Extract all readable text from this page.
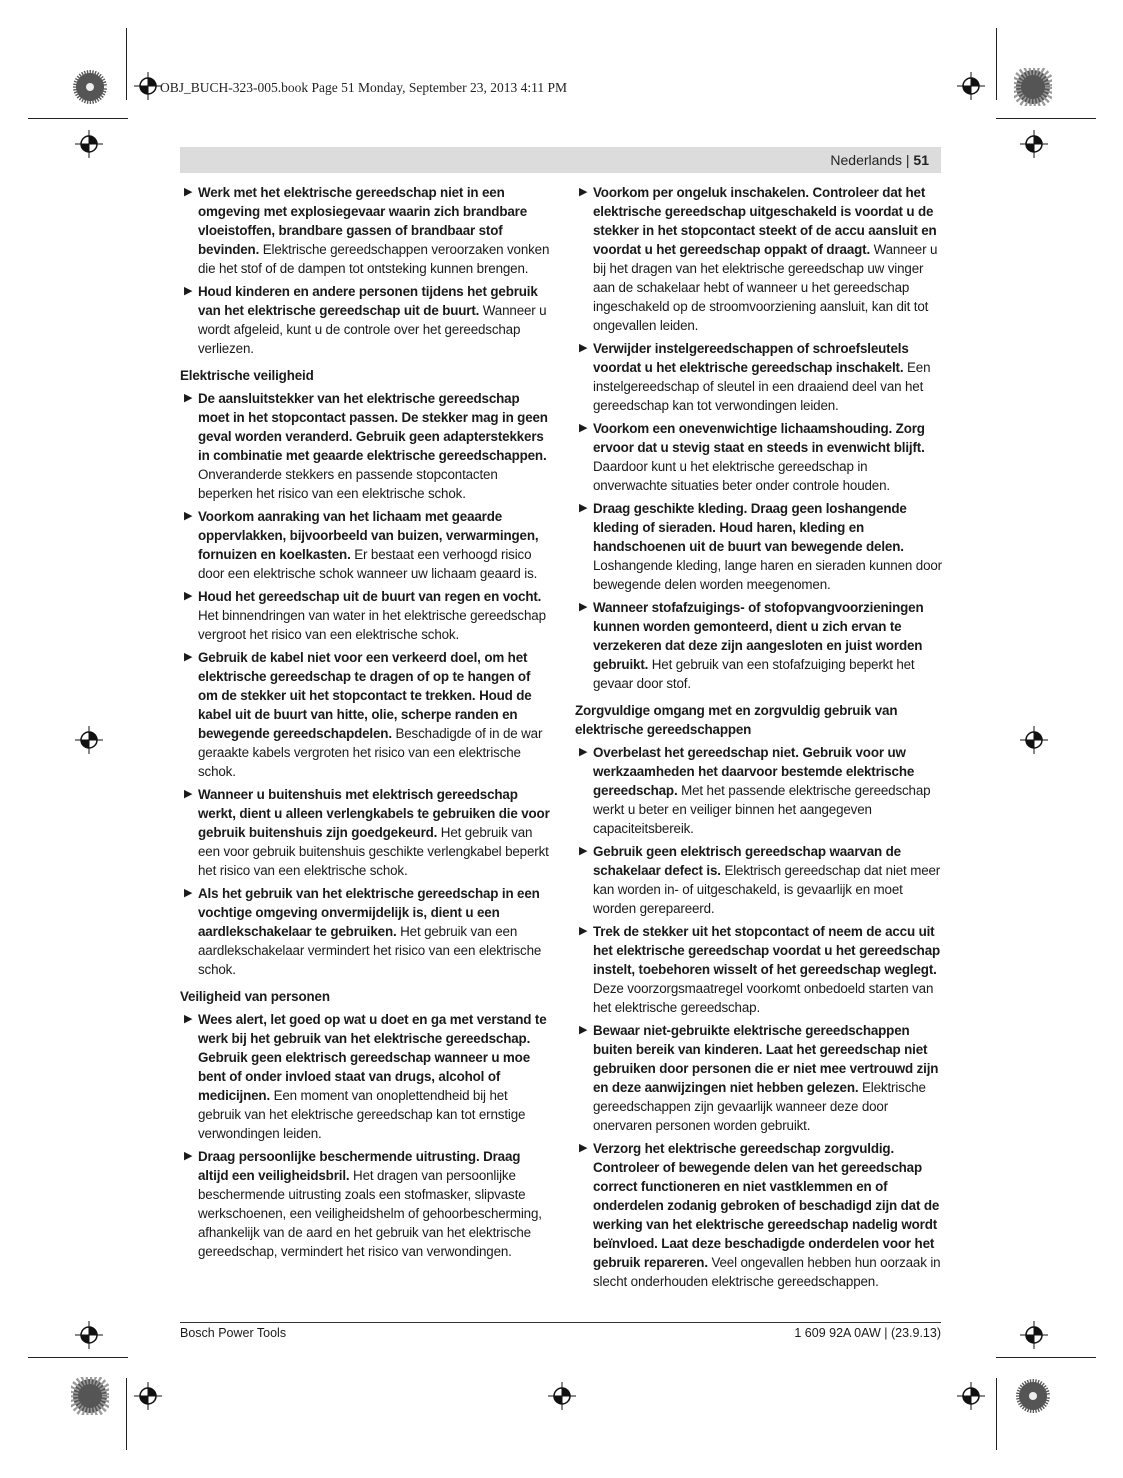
OBJ_BUCH-323-005.book Page 51 Monday, September 23, 2013 4:11 PM
Nederlands | 51
▶ Werk met het elektrische gereedschap niet in een omgeving met explosiegevaar waarin zich brandbare vloeistoffen, brandbare gassen of brandbaar stof bevinden. Elektrische gereedschappen veroorzaken vonken die het stof of de dampen tot ontsteking kunnen brengen.
▶ Houd kinderen en andere personen tijdens het gebruik van het elektrische gereedschap uit de buurt. Wanneer u wordt afgeleid, kunt u de controle over het gereedschap verliezen.
Elektrische veiligheid
▶ De aansluitstekker van het elektrische gereedschap moet in het stopcontact passen. De stekker mag in geen geval worden veranderd. Gebruik geen adapterstekkers in combinatie met geaarde elektrische gereedschappen. Onveranderde stekkers en passende stopcontacten beperken het risico van een elektrische schok.
▶ Voorkom aanraking van het lichaam met geaarde oppervlakken, bijvoorbeeld van buizen, verwarmingen, fornuizen en koelkasten. Er bestaat een verhoogd risico door een elektrische schok wanneer uw lichaam geaard is.
▶ Houd het gereedschap uit de buurt van regen en vocht. Het binnendringen van water in het elektrische gereedschap vergroot het risico van een elektrische schok.
▶ Gebruik de kabel niet voor een verkeerd doel, om het elektrische gereedschap te dragen of op te hangen of om de stekker uit het stopcontact te trekken. Houd de kabel uit de buurt van hitte, olie, scherpe randen en bewegende gereedschapdelen. Beschadigde of in de war geraakte kabels vergroten het risico van een elektrische schok.
▶ Wanneer u buitenshuis met elektrisch gereedschap werkt, dient u alleen verlengkabels te gebruiken die voor gebruik buitenshuis zijn goedgekeurd. Het gebruik van een voor gebruik buitenshuis geschikte verlengkabel beperkt het risico van een elektrische schok.
▶ Als het gebruik van het elektrische gereedschap in een vochtige omgeving onvermijdelijk is, dient u een aardlekschakelaar te gebruiken. Het gebruik van een aardlekschakelaar vermindert het risico van een elektrische schok.
Veiligheid van personen
▶ Wees alert, let goed op wat u doet en ga met verstand te werk bij het gebruik van het elektrische gereedschap. Gebruik geen elektrisch gereedschap wanneer u moe bent of onder invloed staat van drugs, alcohol of medicijnen. Een moment van onoplettendheid bij het gebruik van het elektrische gereedschap kan tot ernstige verwondingen leiden.
▶ Draag persoonlijke beschermende uitrusting. Draag altijd een veiligheidsbril. Het dragen van persoonlijke beschermende uitrusting zoals een stofmasker, slipvaste werkschoenen, een veiligheidshelm of gehoorbescherming, afhankelijk van de aard en het gebruik van het elektrische gereedschap, vermindert het risico van verwondingen.
▶ Voorkom per ongeluk inschakelen. Controleer dat het elektrische gereedschap uitgeschakeld is voordat u de stekker in het stopcontact steekt of de accu aansluit en voordat u het gereedschap oppakt of draagt. Wanneer u bij het dragen van het elektrische gereedschap uw vinger aan de schakelaar hebt of wanneer u het gereedschap ingeschakeld op de stroomvoorziening aansluit, kan dit tot ongevallen leiden.
▶ Verwijder instelgereedschappen of schroefsleutels voordat u het elektrische gereedschap inschakelt. Een instelgereedschap of sleutel in een draaiend deel van het gereedschap kan tot verwondingen leiden.
▶ Voorkom een onevenwichtige lichaamshouding. Zorg ervoor dat u stevig staat en steeds in evenwicht blijft. Daardoor kunt u het elektrische gereedschap in onverwachte situaties beter onder controle houden.
▶ Draag geschikte kleding. Draag geen loshangende kleding of sieraden. Houd haren, kleding en handschoenen uit de buurt van bewegende delen. Loshangende kleding, lange haren en sieraden kunnen door bewegende delen worden meegenomen.
▶ Wanneer stofafzuigings- of stofopvangvoorzieningen kunnen worden gemonteerd, dient u zich ervan te verzekeren dat deze zijn aangesloten en juist worden gebruikt. Het gebruik van een stofafzuiging beperkt het gevaar door stof.
Zorgvuldige omgang met en zorgvuldig gebruik van elektrische gereedschappen
▶ Overbelast het gereedschap niet. Gebruik voor uw werkzaamheden het daarvoor bestemde elektrische gereedschap. Met het passende elektrische gereedschap werkt u beter en veiliger binnen het aangegeven capaciteitsbereik.
▶ Gebruik geen elektrisch gereedschap waarvan de schakelaar defect is. Elektrisch gereedschap dat niet meer kan worden in- of uitgeschakeld, is gevaarlijk en moet worden gerepareerd.
▶ Trek de stekker uit het stopcontact of neem de accu uit het elektrische gereedschap voordat u het gereedschap instelt, toebehoren wisselt of het gereedschap weglegt. Deze voorzorgsmaatregel voorkomt onbedoeld starten van het elektrische gereedschap.
▶ Bewaar niet-gebruikte elektrische gereedschappen buiten bereik van kinderen. Laat het gereedschap niet gebruiken door personen die er niet mee vertrouwd zijn en deze aanwijzingen niet hebben gelezen. Elektrische gereedschappen zijn gevaarlijk wanneer deze door onervaren personen worden gebruikt.
▶ Verzorg het elektrische gereedschap zorgvuldig. Controleer of bewegende delen van het gereedschap correct functioneren en niet vastklemmen en of onderdelen zodanig gebroken of beschadigd zijn dat de werking van het elektrische gereedschap nadelig wordt beïnvloed. Laat deze beschadigde onderdelen voor het gebruik repareren. Veel ongevallen hebben hun oorzaak in slecht onderhouden elektrische gereedschappen.
Bosch Power Tools	1 609 92A 0AW | (23.9.13)
